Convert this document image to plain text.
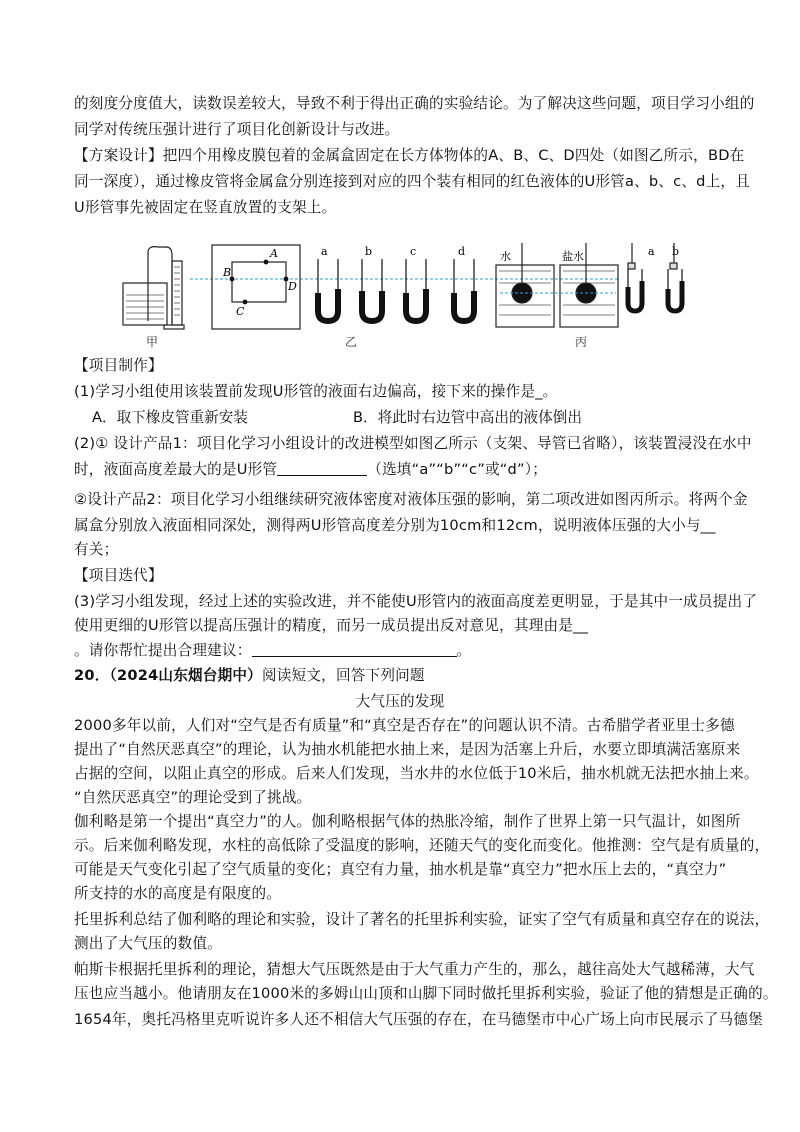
的刻度分度值大，读数误差较大，导致不利于得出正确的实验结论。为了解决这些问题，项目学习小组的
同学对传统压强计进行了项目化创新设计与改进。
【方案设计】把四个用橡皮膜包着的金属盒固定在长方体物体的A、B、C、D四处（如图乙所示，BD在
同一深度），通过橡皮管将金属盒分别连接到对应的四个装有相同的红色液体的U形管a、b、c、d上，且
U形管事先被固定在竖直放置的支架上。
A
B
C
D
a	b	c	d	水	盐水	a b
甲	乙	丙
【项目制作】
(1)学习小组使用该装置前发现U形管的液面右边偏高，接下来的操作是_。
A．取下橡皮管重新安装	B．将此时右边管中高出的液体倒出
(2)① 设计产品1：项目化学习小组设计的改进模型如图乙所示（支架、导管已省略），该装置浸没在水中
时，液面高度差最大的是U形管	（选填“a”“b”“c”或“d”）；
②设计产品2：项目化学习小组继续研究液体密度对液体压强的影响，第二项改进如图丙所示。将两个金
属盒分别放入液面相同深处，测得两U形管高度差分别为10cm和12cm，说明液体压强的大小与__
有关；
【项目迭代】
(3)学习小组发现，经过上述的实验改进，并不能使U形管内的液面高度差更明显，于是其中一成员提出了
使用更细的U形管以提高压强计的精度，而另一成员提出反对意见，其理由是__
。请你帮忙提出合理建议：	。
20．（2024山东烟台期中）阅读短文，回答下列问题
大气压的发现
2000多年以前，人们对“空气是否有质量”和“真空是否存在”的问题认识不清。古希腊学者亚里士多德
提出了“自然厌恶真空”的理论，认为抽水机能把水抽上来，是因为活塞上升后，水要立即填满活塞原来
占据的空间，以阻止真空的形成。后来人们发现，当水井的水位低于10米后，抽水机就无法把水抽上来。
“自然厌恶真空”的理论受到了挑战。
伽利略是第一个提出“真空力”的人。伽利略根据气体的热胀冷缩，制作了世界上第一只气温计，如图所
示。后来伽利略发现，水柱的高低除了受温度的影响，还随天气的变化而变化。他推测：空气是有质量的，
可能是天气变化引起了空气质量的变化；真空有力量，抽水机是靠“真空力”把水压上去的，“真空力”
所支持的水的高度是有限度的。
托里拆利总结了伽利略的理论和实验，设计了著名的托里拆利实验，证实了空气有质量和真空存在的说法，
测出了大气压的数值。
帕斯卡根据托里拆利的理论，猜想大气压既然是由于大气重力产生的，那么，越往高处大气越稀薄，大气
压也应当越小。他请朋友在1000米的多姆山山顶和山脚下同时做托里拆利实验，验证了他的猜想是正确的。
1654年，奥托冯格里克听说许多人还不相信大气压强的存在，在马德堡市中心广场上向市民展示了马德堡
